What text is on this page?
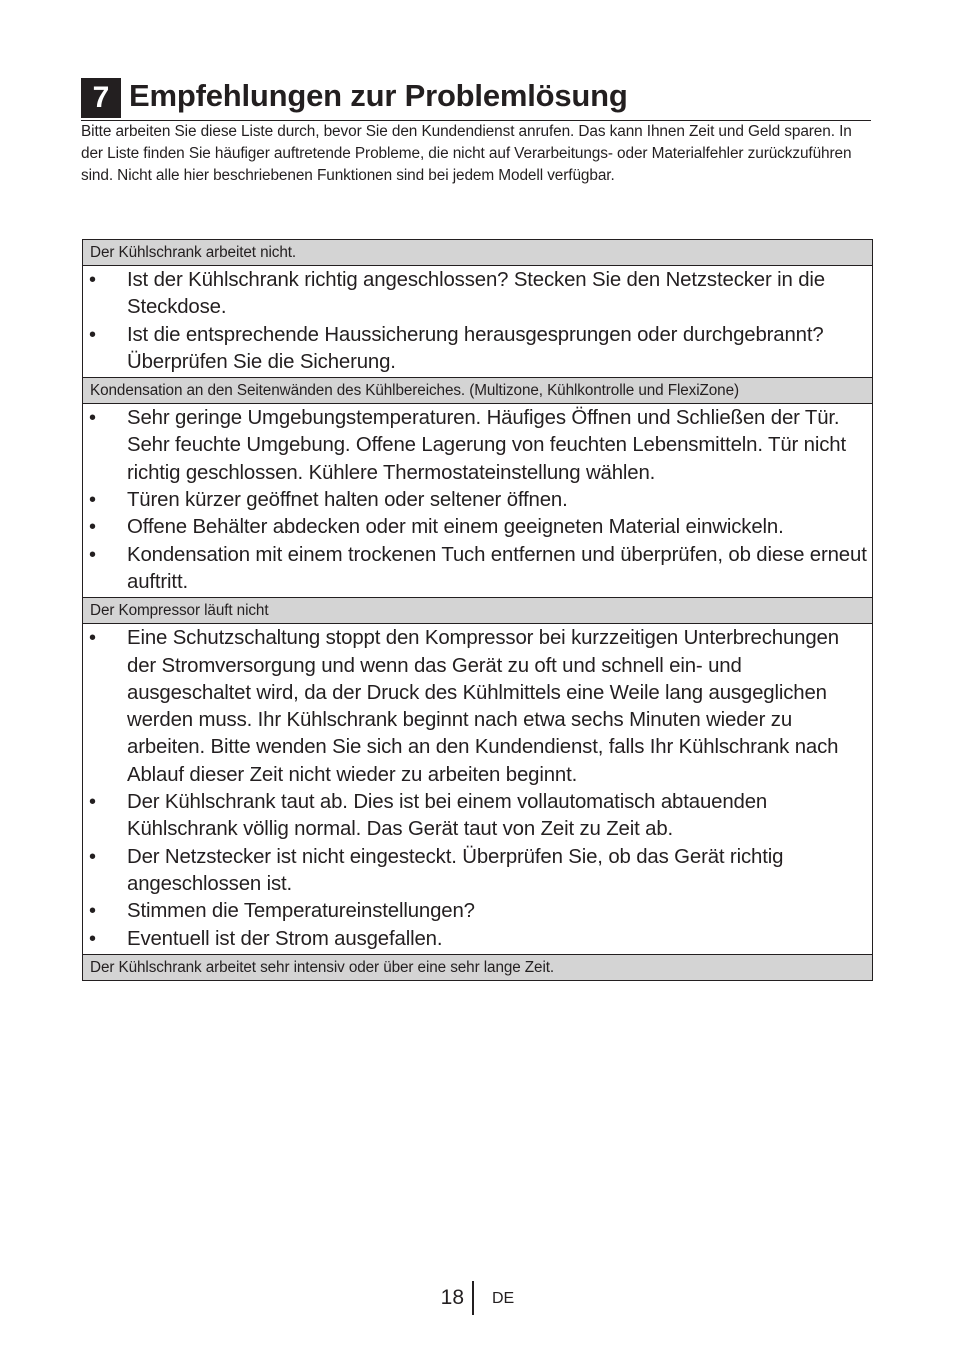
7 Empfehlungen zur Problemlösung
Bitte arbeiten Sie diese Liste durch, bevor Sie den Kundendienst anrufen. Das kann Ihnen Zeit und Geld sparen. In der Liste finden Sie häufiger auftretende Probleme, die nicht auf Verarbeitungs- oder Materialfehler zurückzuführen sind. Nicht alle hier beschriebenen Funktionen sind bei jedem Modell verfügbar.
Der Kühlschrank arbeitet nicht.
• Ist der Kühlschrank richtig angeschlossen? Stecken Sie den Netzstecker in die Steckdose.
• Ist die entsprechende Haussicherung herausgesprungen oder durchgebrannt? Überprüfen Sie die Sicherung.
Kondensation an den Seitenwänden des Kühlbereiches. (Multizone, Kühlkontrolle und FlexiZone)
• Sehr geringe Umgebungstemperaturen. Häufiges Öffnen und Schließen der Tür. Sehr feuchte Umgebung. Offene Lagerung von feuchten Lebensmitteln. Tür nicht richtig geschlossen. Kühlere Thermostateinstellung wählen.
• Türen kürzer geöffnet halten oder seltener öffnen.
• Offene Behälter abdecken oder mit einem geeigneten Material einwickeln.
• Kondensation mit einem trockenen Tuch entfernen und überprüfen, ob diese erneut auftritt.
Der Kompressor läuft nicht
• Eine Schutzschaltung stoppt den Kompressor bei kurzzeitigen Unterbrechungen der Stromversorgung und wenn das Gerät zu oft und schnell ein- und ausgeschaltet wird, da der Druck des Kühlmittels eine Weile lang ausgeglichen werden muss. Ihr Kühlschrank beginnt nach etwa sechs Minuten wieder zu arbeiten. Bitte wenden Sie sich an den Kundendienst, falls Ihr Kühlschrank nach Ablauf dieser Zeit nicht wieder zu arbeiten beginnt.
• Der Kühlschrank taut ab. Dies ist bei einem vollautomatisch abtauenden Kühlschrank völlig normal. Das Gerät taut von Zeit zu Zeit ab.
• Der Netzstecker ist nicht eingesteckt. Überprüfen Sie, ob das Gerät richtig angeschlossen ist.
• Stimmen die Temperatureinstellungen?
• Eventuell ist der Strom ausgefallen.
Der Kühlschrank arbeitet sehr intensiv oder über eine sehr lange Zeit.
18 DE
